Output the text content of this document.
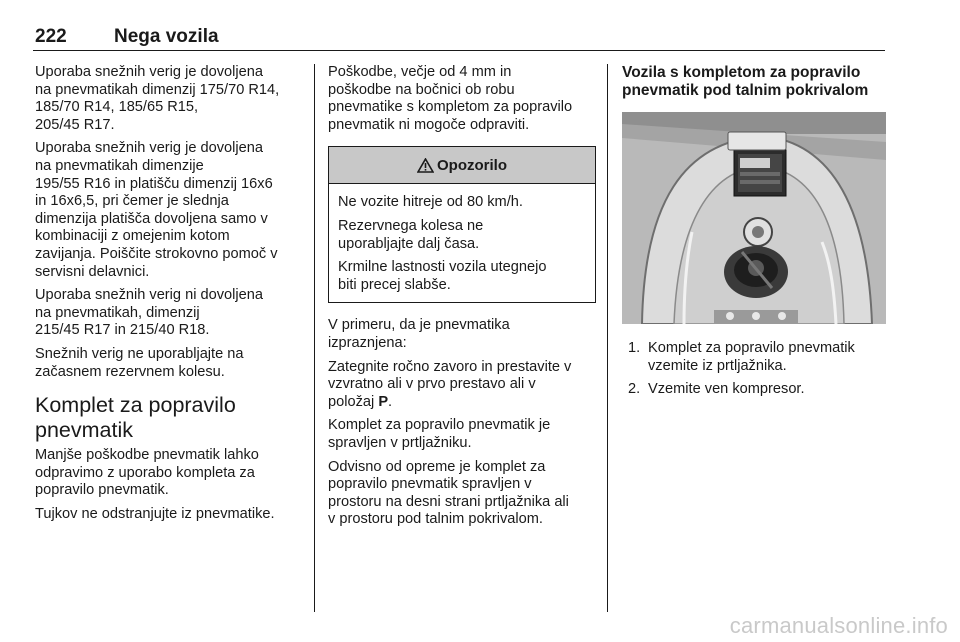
222 Nega vozila

Uporaba snežnih verig je dovoljena
na pnevmatikah dimenzij 175/70 R14,
185/70 R14, 185/65 R15,
205/45 R17.

Uporaba snežnih verig je dovoljena
na pnevmatikah dimenzije
195/55 R16 in platišču dimenzij 16x6
in 16x6,5, pri čemer je slednja
dimenzija platišča dovoljena samo v
kombinaciji z omejenim kotom
zavijanja. Poiščite strokovno pomoč v
servisni delavnici.

Uporaba snežnih verig ni dovoljena
na pnevmatikah, dimenzij
215/45 R17 in 215/40 R18.

Snežnih verig ne uporabljajte na
začasnem rezervnem kolesu.

Komplet za popravilo
pnevmatik

Manjše poškodbe pnevmatik lahko
odpravimo z uporabo kompleta za
popravilo pnevmatik.

Tujkov ne odstranjujte iz pnevmatike.

Poškodbe, večje od 4 mm in
poškodbe na bočnici ob robu
pnevmatike s kompletom za popravilo
pnevmatik ni mogoče odpraviti.

Opozorilo

Ne vozite hitreje od 80 km/h.

Rezervnega kolesa ne
uporabljajte dalj časa.

Krmilne lastnosti vozila utegnejo
biti precej slabše.

V primeru, da je pnevmatika
izpraznjena:

Zategnite ročno zavoro in prestavite v
vzvratno ali v prvo prestavo ali v
položaj P.

Komplet za popravilo pnevmatik je
spravljen v prtljažniku.

Odvisno od opreme je komplet za
popravilo pnevmatik spravljen v
prostoru na desni strani prtljažnika ali
v prostoru pod talnim pokrivalom.

Vozila s kompletom za popravilo
pnevmatik pod talnim pokrivalom
1. Komplet za popravilo pnevmatik
vzemite iz prtljažnika.
2. Vzemite ven kompresor.
carmanualsonline.info
